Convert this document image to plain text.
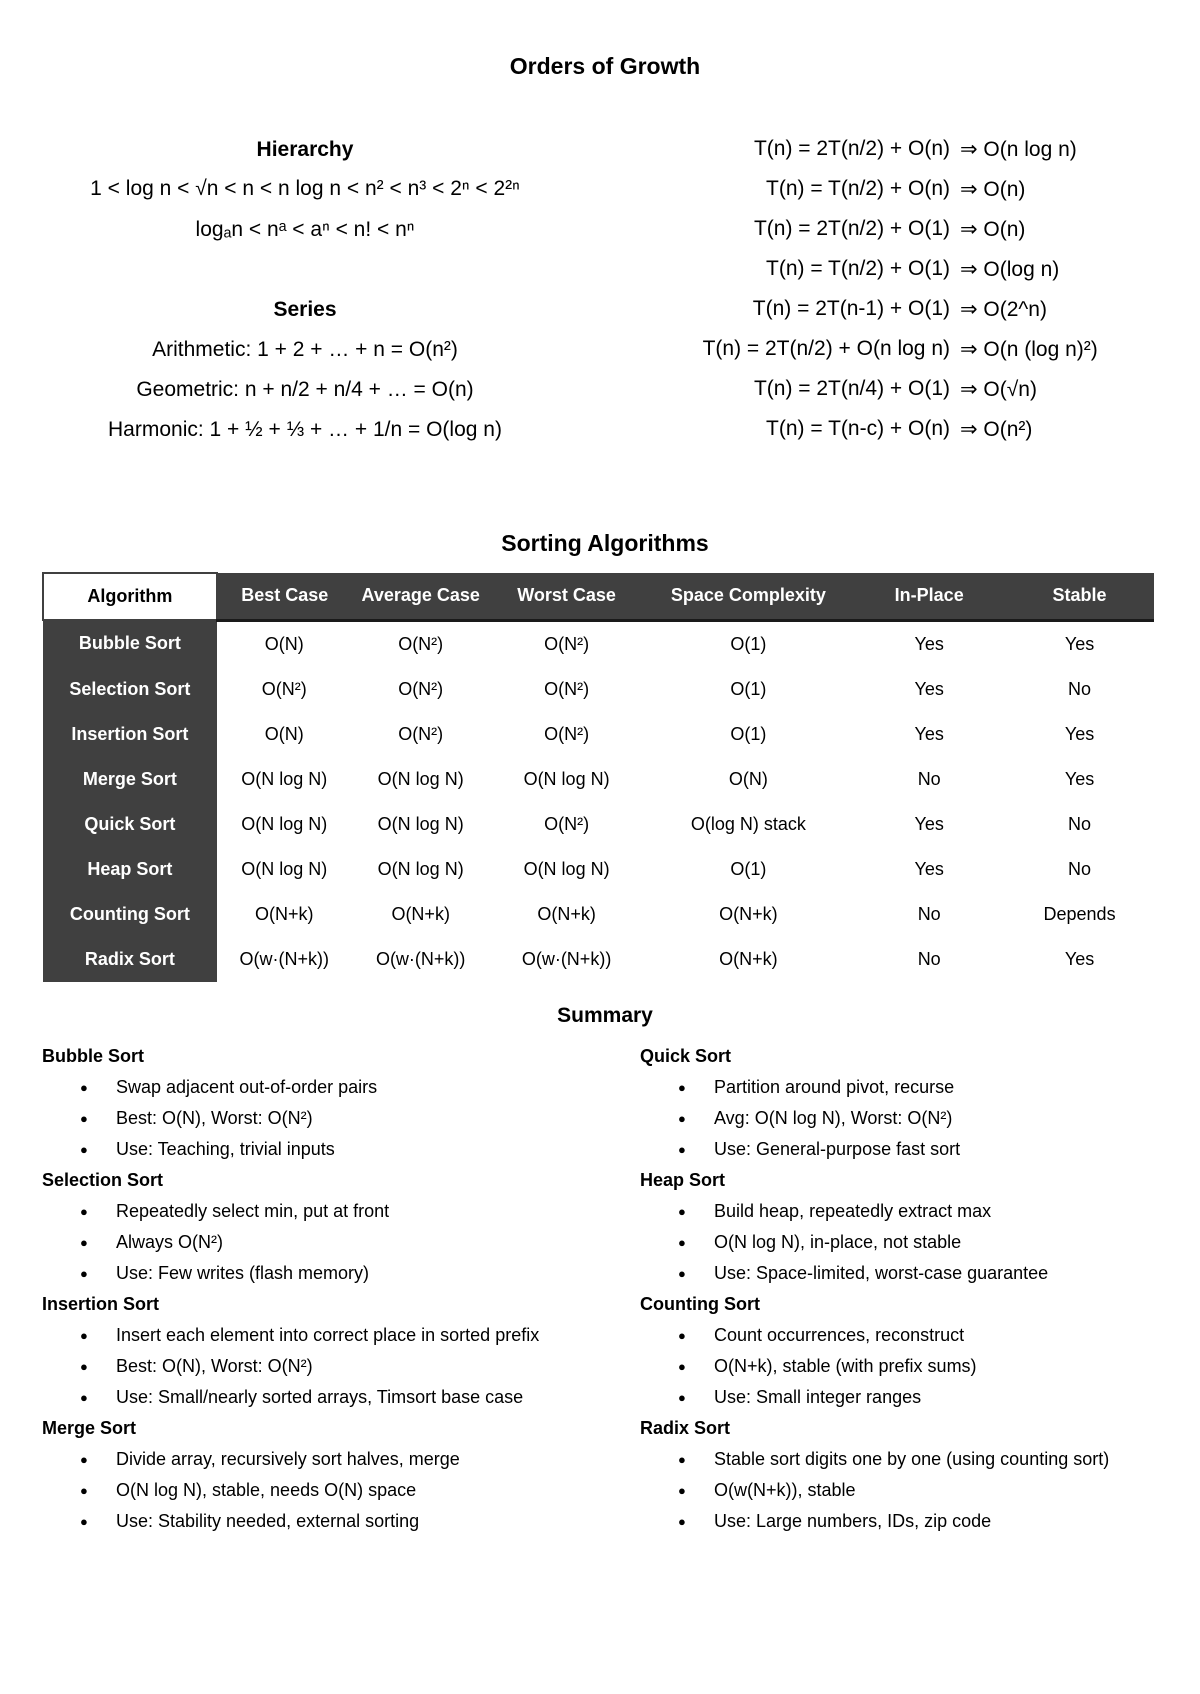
Orders of Growth
Hierarchy
1 < log n < √n < n < n log n < n² < n³ < 2ⁿ < 2²ⁿ
logₐn < nᵃ < aⁿ < n! < nⁿ
Series
Arithmetic: 1 + 2 + … + n = O(n²)
Geometric: n + n/2 + n/4 + … = O(n)
Harmonic: 1 + ½ + ⅓ + … + 1/n = O(log n)
T(n) = 2T(n/2) + O(n) ⇒ O(n log n)
T(n) = T(n/2) + O(n) ⇒ O(n)
T(n) = 2T(n/2) + O(1) ⇒ O(n)
T(n) = T(n/2) + O(1) ⇒ O(log n)
T(n) = 2T(n-1) + O(1) ⇒ O(2^n)
T(n) = 2T(n/2) + O(n log n) ⇒ O(n (log n)²)
T(n) = 2T(n/4) + O(1) ⇒ O(√n)
T(n) = T(n-c) + O(n) ⇒ O(n²)
Sorting Algorithms
Algorithm	Best Case	Average Case	Worst Case	Space Complexity	In-Place	Stable
Bubble Sort	O(N)	O(N²)	O(N²)	O(1)	Yes	Yes
Selection Sort	O(N²)	O(N²)	O(N²)	O(1)	Yes	No
Insertion Sort	O(N)	O(N²)	O(N²)	O(1)	Yes	Yes
Merge Sort	O(N log N)	O(N log N)	O(N log N)	O(N)	No	Yes
Quick Sort	O(N log N)	O(N log N)	O(N²)	O(log N) stack	Yes	No
Heap Sort	O(N log N)	O(N log N)	O(N log N)	O(1)	Yes	No
Counting Sort	O(N+k)	O(N+k)	O(N+k)	O(N+k)	No	Depends
Radix Sort	O(w·(N+k))	O(w·(N+k))	O(w·(N+k))	O(N+k)	No	Yes
Summary
Bubble Sort
● Swap adjacent out-of-order pairs
● Best: O(N), Worst: O(N²)
● Use: Teaching, trivial inputs
Selection Sort
● Repeatedly select min, put at front
● Always O(N²)
● Use: Few writes (flash memory)
Insertion Sort
● Insert each element into correct place in sorted prefix
● Best: O(N), Worst: O(N²)
● Use: Small/nearly sorted arrays, Timsort base case
Merge Sort
● Divide array, recursively sort halves, merge
● O(N log N), stable, needs O(N) space
● Use: Stability needed, external sorting
Quick Sort
● Partition around pivot, recurse
● Avg: O(N log N), Worst: O(N²)
● Use: General-purpose fast sort
Heap Sort
● Build heap, repeatedly extract max
● O(N log N), in-place, not stable
● Use: Space-limited, worst-case guarantee
Counting Sort
● Count occurrences, reconstruct
● O(N+k), stable (with prefix sums)
● Use: Small integer ranges
Radix Sort
● Stable sort digits one by one (using counting sort)
● O(w(N+k)), stable
● Use: Large numbers, IDs, zip code
